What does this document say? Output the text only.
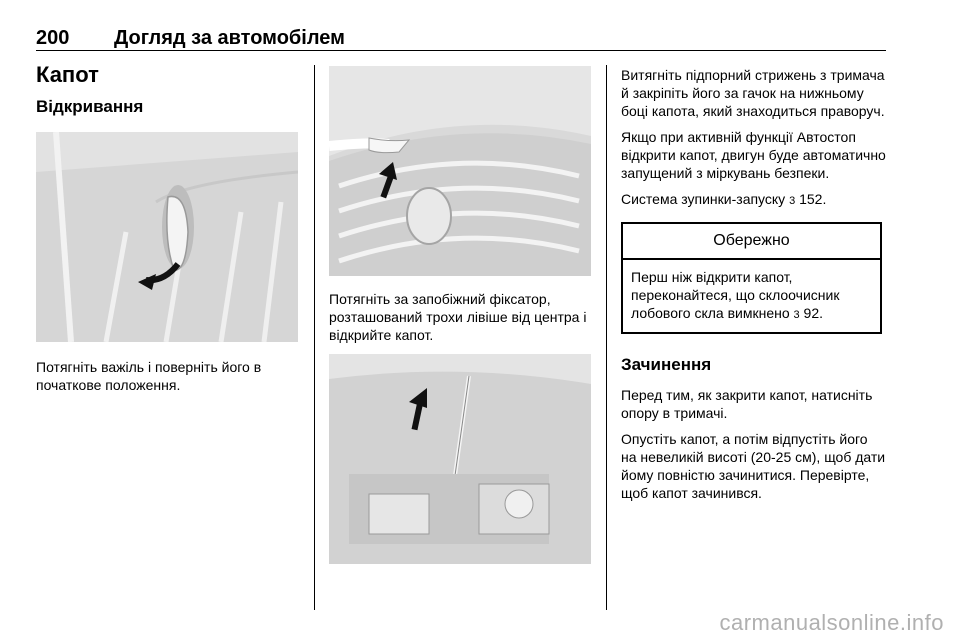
200 Догляд за автомобілем
Капот
Відкривання

Потягніть важіль і поверніть його в початкове положення.

Потягніть за запобіжний фіксатор, розташований трохи лівіше від центра і відкрийте капот.

Витягніть підпорний стрижень з тримача й закріпіть його за гачок на нижньому боці капота, який знаходиться праворуч.

Якщо при активній функції Автостоп відкрити капот, двигун буде автоматично запущений з міркувань безпеки.

Система зупинки-запуску 3 152.

Обережно

Перш ніж відкрити капот, переконайтеся, що склоочисник лобового скла вимкнено 3 92.

Зачинення

Перед тим, як закрити капот, натисніть опору в тримачі.

Опустіть капот, а потім відпустіть його на невеликій висоті (20-25 см), щоб дати йому повністю зачинитися. Перевірте, щоб капот зачинився.

carmanualsonline.info
